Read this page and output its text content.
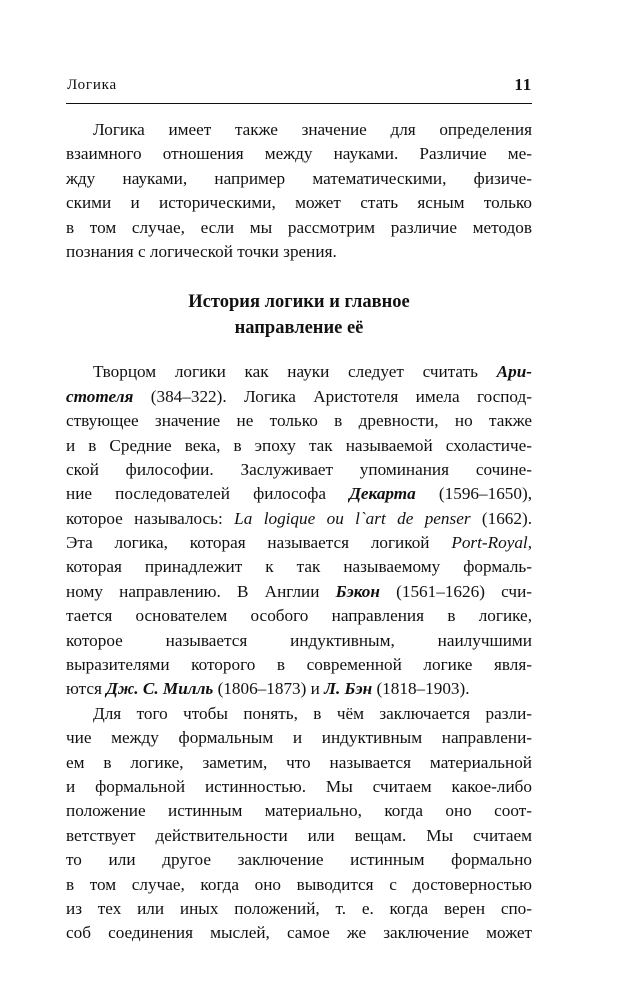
Логика	11
Логика имеет также значение для определения
взаимного отношения между науками. Различие ме-
жду науками, например математическими, физиче-
скими и историческими, может стать ясным только
в том случае, если мы рассмотрим различие методов
познания с логической точки зрения.
История логики и главное
направление её
Творцом логики как науки следует считать Ари-
стотеля (384–322). Логика Аристотеля имела господ-
ствующее значение не только в древности, но также
и в Средние века, в эпоху так называемой схоластиче-
ской философии. Заслуживает упоминания сочине-
ние последователей философа Декарта (1596–1650),
которое называлось: La logique ou l`art de penser (1662).
Эта логика, которая называется логикой Port-Royal,
которая принадлежит к так называемому формаль-
ному направлению. В Англии Бэкон (1561–1626) счи-
тается основателем особого направления в логике,
которое называется индуктивным, наилучшими
выразителями которого в современной логике явля-
ются Дж. С. Милль (1806–1873) и Л. Бэн (1818–1903).
Для того чтобы понять, в чём заключается разли-
чие между формальным и индуктивным направлени-
ем в логике, заметим, что называется материальной
и формальной истинностью. Мы считаем какое-либо
положение истинным материально, когда оно соот-
ветствует действительности или вещам. Мы считаем
то или другое заключение истинным формально
в том случае, когда оно выводится с достоверностью
из тех или иных положений, т. е. когда верен спо-
соб соединения мыслей, самое же заключение может
